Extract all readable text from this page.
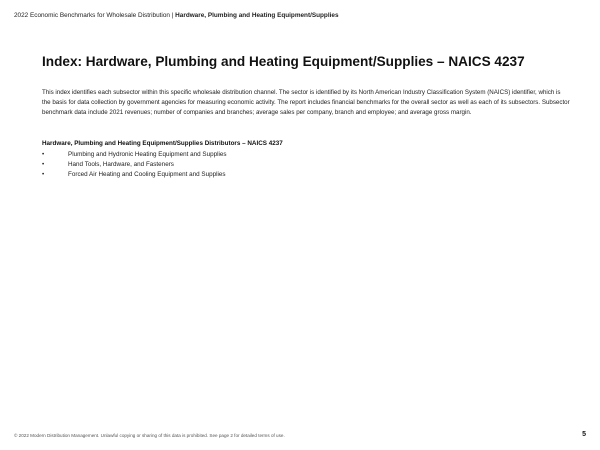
2022 Economic Benchmarks for Wholesale Distribution | Hardware, Plumbing and Heating Equipment/Supplies
Index: Hardware, Plumbing and Heating Equipment/Supplies – NAICS 4237

This index identifies each subsector within this specific wholesale distribution channel. The sector is identified by its North American Industry Classification System (NAICS) identifier, which is the basis for data collection by government agencies for measuring economic activity. The report includes financial benchmarks for the overall sector as well as each of its subsectors. Subsector benchmark data include 2021 revenues; number of companies and branches; average sales per company, branch and employee; and average gross margin.

Hardware, Plumbing and Heating Equipment/Supplies Distributors – NAICS 4237

•	Plumbing and Hydronic Heating Equipment and Supplies
•	Hand Tools, Hardware, and Fasteners
•	Forced Air Heating and Cooling Equipment and Supplies
© 2022 Modern Distribution Management. Unlawful copying or sharing of this data is prohibited. See page 2 for detailed terms of use.	5
